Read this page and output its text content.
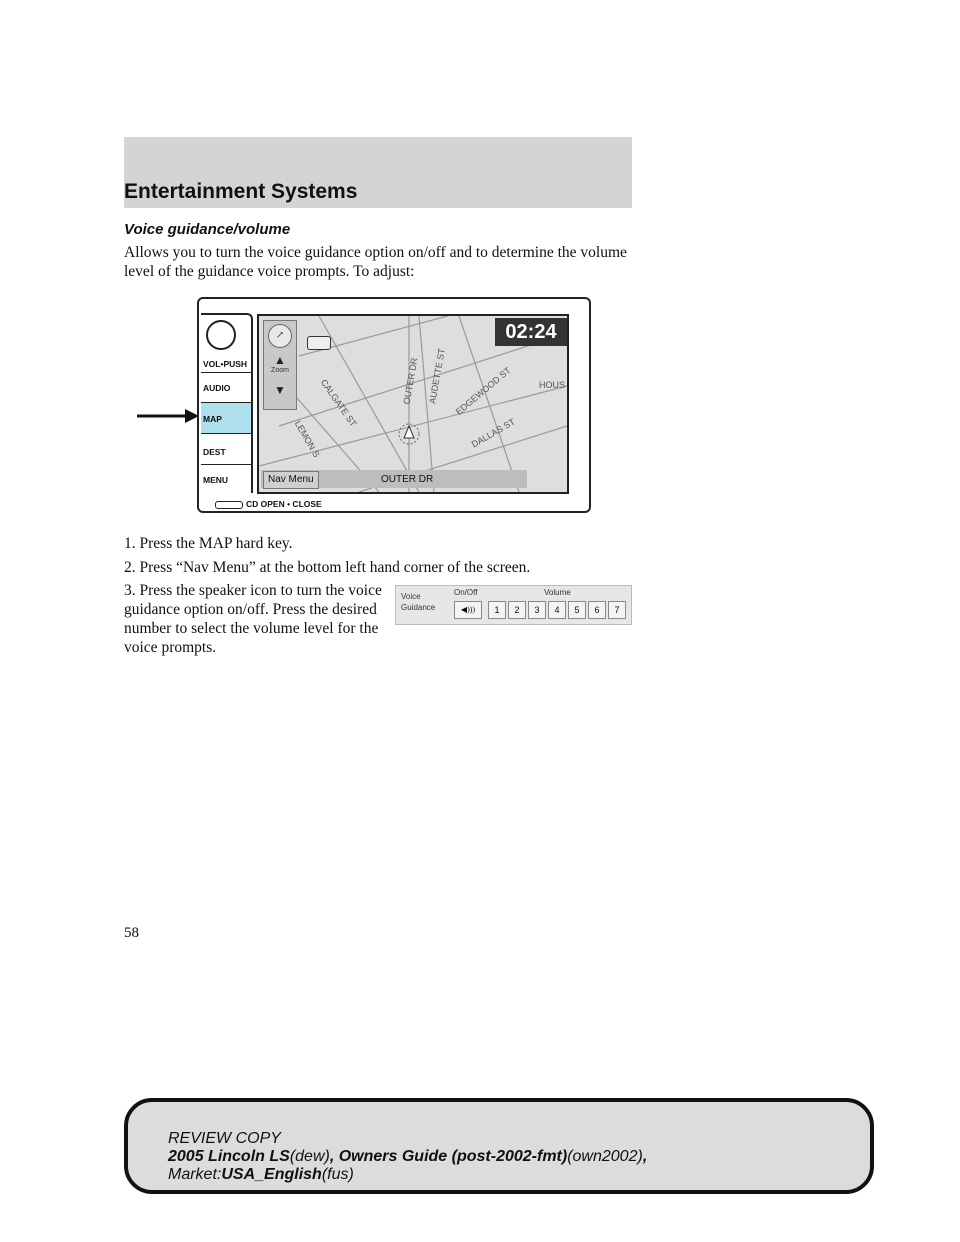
Entertainment Systems
Voice guidance/volume

Allows you to turn the voice guidance option on/off and to determine the volume level of the guidance voice prompts. To adjust:

VOL•PUSH
AUDIO
MAP
DEST
MENU
OUTER DR AUDETTE ST EDGEWOOD ST
DALLAS ST
HOUS
CALGATE ST
LEMON S
↗
▲
Zoom
▼
02:24
Nav Menu	OUTER DR
CD OPEN • CLOSE

1. Press the MAP hard key.

2. Press “Nav Menu” at the bottom left hand corner of the screen.

3. Press the speaker icon to turn the voice guidance option on/off. Press the desired number to select the volume level for the voice prompts.

Voice
Guidance
On/Off	Volume
◀)))	1	2	3	4	5	6	7
58
REVIEW COPY
2005 Lincoln LS(dew), Owners Guide (post-2002-fmt)(own2002),
Market:USA_English(fus)
